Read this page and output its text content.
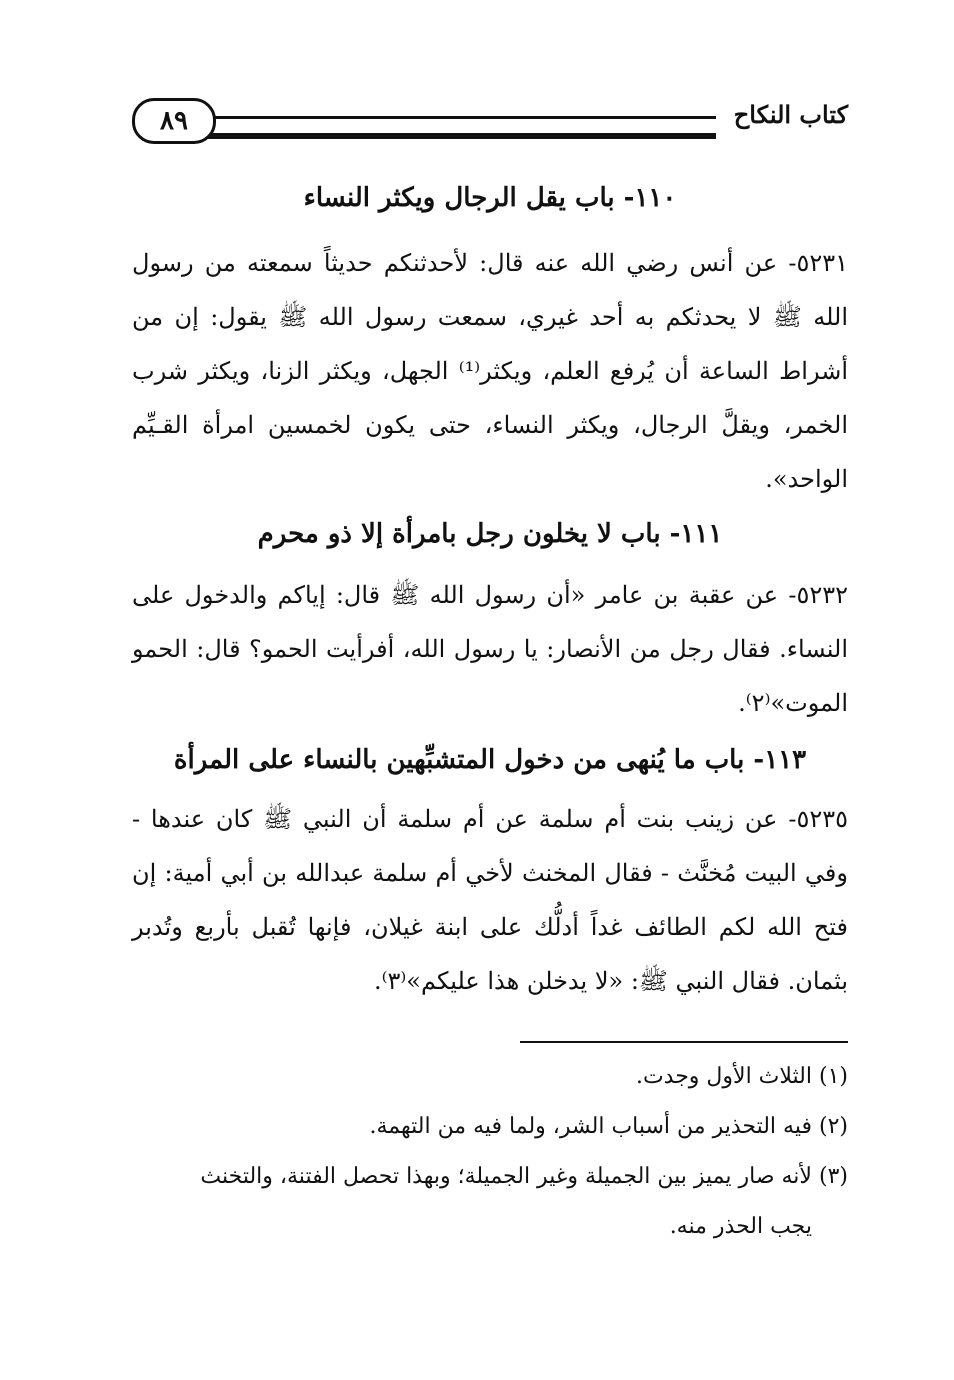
كتاب النكاح
٨٩
١١٠- باب يقل الرجال ويكثر النساء

٥٢٣١- عن أنس رضي الله عنه قال: لأحدثنكم حديثاً سمعته من رسول الله ﷺ لا يحدثكم به أحد غيري، سمعت رسول الله ﷺ يقول: إن من أشراط الساعة أن يُرفع العلم، ويكثر⁽¹⁾ الجهل، ويكثر الزنا، ويكثر شرب الخمر، ويقلَّ الرجال، ويكثر النساء، حتى يكون لخمسين امرأة القـيِّم الواحد».

١١١- باب لا يخلون رجل بامرأة إلا ذو محرم

٥٢٣٢- عن عقبة بن عامر «أن رسول الله ﷺ قال: إياكم والدخول على النساء. فقال رجل من الأنصار: يا رسول الله، أفرأيت الحمو؟ قال: الحمو الموت»⁽٢⁾.

١١٣- باب ما يُنهى من دخول المتشبِّهين بالنساء على المرأة

٥٢٣٥- عن زينب بنت أم سلمة عن أم سلمة أن النبي ﷺ كان عندها - وفي البيت مُخنَّث - فقال المخنث لأخي أم سلمة عبدالله بن أبي أمية: إن فتح الله لكم الطائف غداً أدلُّك على ابنة غيلان، فإنها تُقبل بأربع وتُدبر بثمان. فقال النبي ﷺ: «لا يدخلن هذا عليكم»⁽٣⁾.

(١) الثلاث الأول وجدت.

(٢) فيه التحذير من أسباب الشر، ولما فيه من التهمة.

(٣) لأنه صار يميز بين الجميلة وغير الجميلة؛ وبهذا تحصل الفتنة، والتخنث
يجب الحذر منه.
